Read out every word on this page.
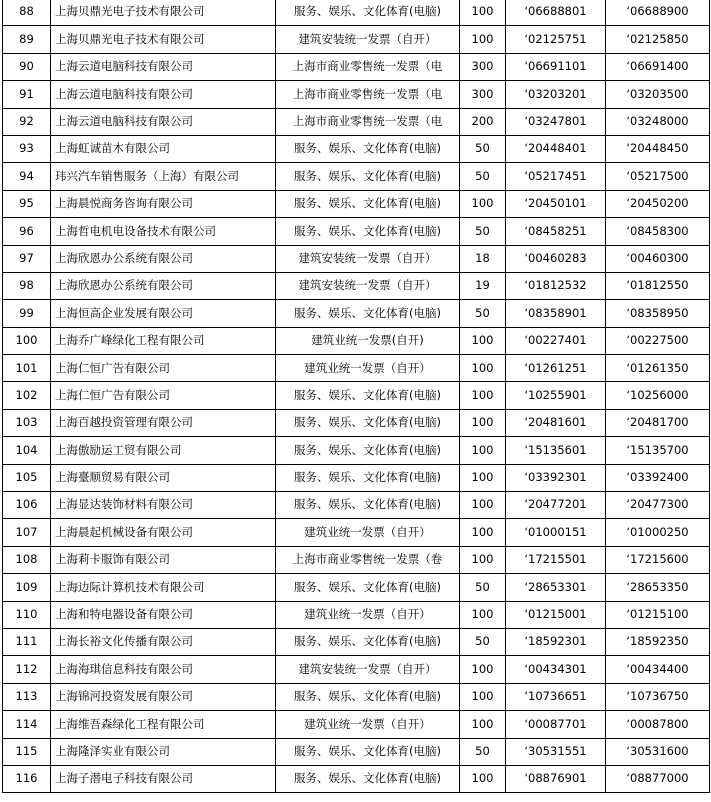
88	上海贝鼎光电子技术有限公司	服务、娱乐、文化体育(电脑)	100	‘06688801	‘06688900
89	上海贝鼎光电子技术有限公司	建筑安装统一发票（自开）	100	‘02125751	‘02125850
90	上海云道电脑科技有限公司	上海市商业零售统一发票（电	300	‘06691101	‘06691400
91	上海云道电脑科技有限公司	上海市商业零售统一发票（电	300	‘03203201	‘03203500
92	上海云道电脑科技有限公司	上海市商业零售统一发票（电	200	‘03247801	‘03248000
93	上海虹诚苗木有限公司	服务、娱乐、文化体育(电脑)	50	‘20448401	‘20448450
94	玮兴汽车销售服务（上海）有限公司	服务、娱乐、文化体育(电脑)	50	‘05217451	‘05217500
95	上海晨悦商务咨询有限公司	服务、娱乐、文化体育(电脑)	100	‘20450101	‘20450200
96	上海哲电机电设备技术有限公司	服务、娱乐、文化体育(电脑)	50	‘08458251	‘08458300
97	上海欣恩办公系统有限公司	建筑安装统一发票（自开）	18	‘00460283	‘00460300
98	上海欣恩办公系统有限公司	建筑安装统一发票（自开）	19	‘01812532	‘01812550
99	上海恒高企业发展有限公司	服务、娱乐、文化体育(电脑)	50	‘08358901	‘08358950
100	上海乔广峰绿化工程有限公司	建筑业统一发票(自开)	100	‘00227401	‘00227500
101	上海仁恒广告有限公司	建筑业统一发票（自开）	100	‘01261251	‘01261350
102	上海仁恒广告有限公司	服务、娱乐、文化体育(电脑)	100	‘10255901	‘10256000
103	上海百越投资管理有限公司	服务、娱乐、文化体育(电脑)	100	‘20481601	‘20481700
104	上海傲励运工贸有限公司	服务、娱乐、文化体育(电脑)	100	‘15135601	‘15135700
105	上海臺顺贸易有限公司	服务、娱乐、文化体育(电脑)	100	‘03392301	‘03392400
106	上海显达装饰材料有限公司	服务、娱乐、文化体育(电脑)	100	‘20477201	‘20477300
107	上海晨起机械设备有限公司	建筑业统一发票（自开）	100	‘01000151	‘01000250
108	上海莉卡服饰有限公司	上海市商业零售统一发票（卷	100	‘17215501	‘17215600
109	上海边际计算机技术有限公司	服务、娱乐、文化体育(电脑)	50	‘28653301	‘28653350
110	上海和特电器设备有限公司	建筑业统一发票（自开）	100	‘01215001	‘01215100
111	上海长裕文化传播有限公司	服务、娱乐、文化体育(电脑)	50	‘18592301	‘18592350
112	上海海琪信息科技有限公司	建筑安装统一发票（自开）	100	‘00434301	‘00434400
113	上海锦河投资发展有限公司	服务、娱乐、文化体育(电脑)	100	‘10736651	‘10736750
114	上海维吾森绿化工程有限公司	建筑业统一发票（自开）	100	‘00087701	‘00087800
115	上海隆泽实业有限公司	服务、娱乐、文化体育(电脑)	50	‘30531551	‘30531600
116	上海子潜电子科技有限公司	服务、娱乐、文化体育(电脑)	100	‘08876901	‘08877000
